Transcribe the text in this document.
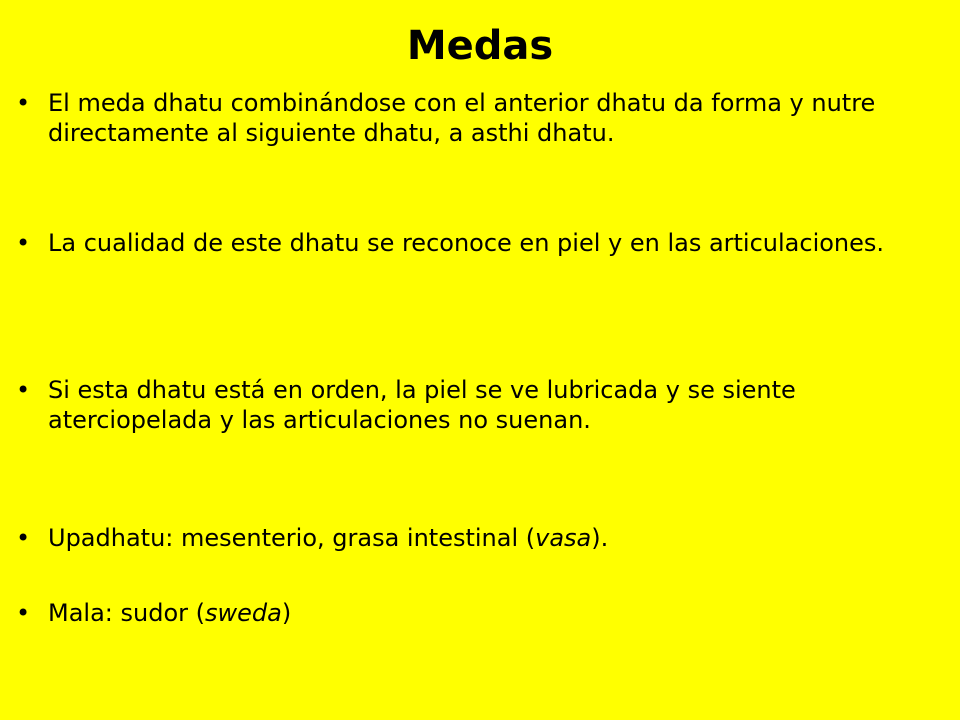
Medas
• El meda dhatu combinándose con el anterior dhatu da forma y nutre directamente al siguiente dhatu, a asthi dhatu.
• La cualidad de este dhatu se reconoce en piel y en las articulaciones.
• Si esta dhatu está en orden, la piel se ve lubricada y se siente aterciopelada y las articulaciones no suenan.
• Upadhatu: mesenterio, grasa intestinal (vasa).
• Mala: sudor (sweda)
